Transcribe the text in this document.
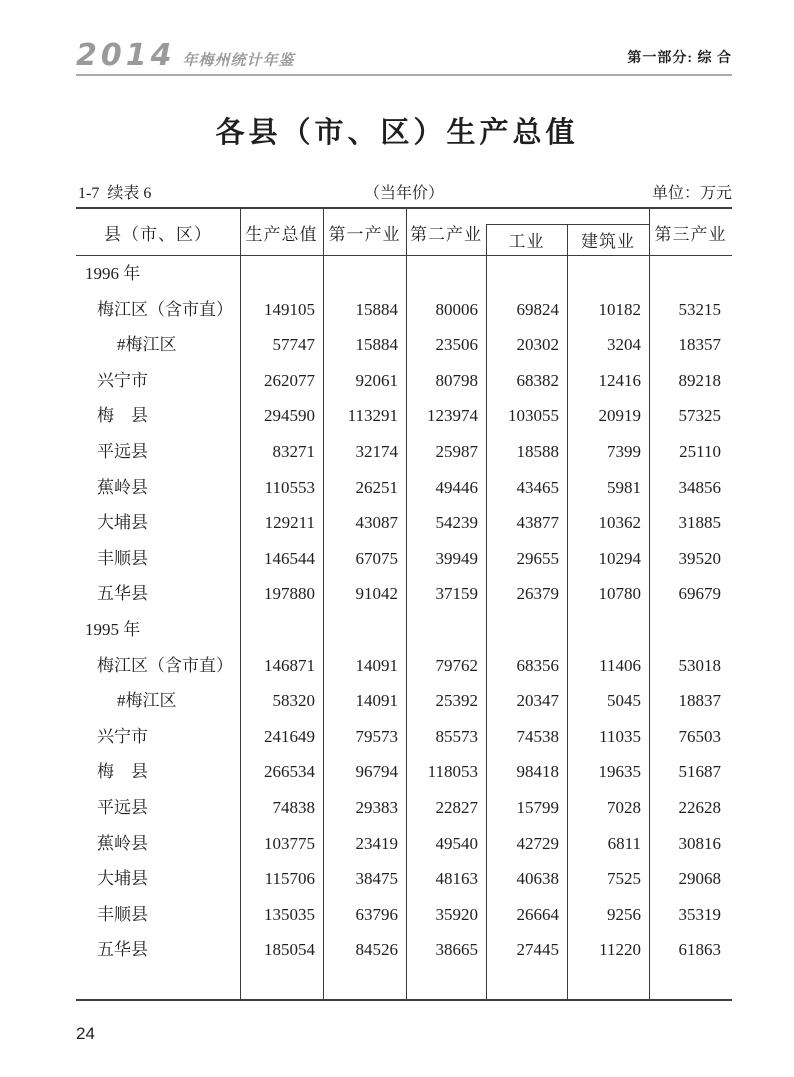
2014 年梅州统计年鉴	第一部分: 综 合
各县（市、区）生产总值
1-7  续表 6	（当年价）	单位：万元
县（市、区）	生产总值 第一产业 第二产业	工业	建筑业	第三产业
1996 年
梅江区（含市直）	149105	15884	80006	69824	10182	53215
#梅江区	57747	15884	23506	20302	3204	18357
兴宁市	262077	92061	80798	68382	12416	89218
梅　县	294590	113291	123974	103055	20919	57325
平远县	83271	32174	25987	18588	7399	25110
蕉岭县	110553	26251	49446	43465	5981	34856
大埔县	129211	43087	54239	43877	10362	31885
丰顺县	146544	67075	39949	29655	10294	39520
五华县	197880	91042	37159	26379	10780	69679
1995 年
梅江区（含市直）	146871	14091	79762	68356	11406	53018
#梅江区	58320	14091	25392	20347	5045	18837
兴宁市	241649	79573	85573	74538	11035	76503
梅　县	266534	96794	118053	98418	19635	51687
平远县	74838	29383	22827	15799	7028	22628
蕉岭县	103775	23419	49540	42729	6811	30816
大埔县	115706	38475	48163	40638	7525	29068
丰顺县	135035	63796	35920	26664	9256	35319
五华县	185054	84526	38665	27445	11220	61863
24
